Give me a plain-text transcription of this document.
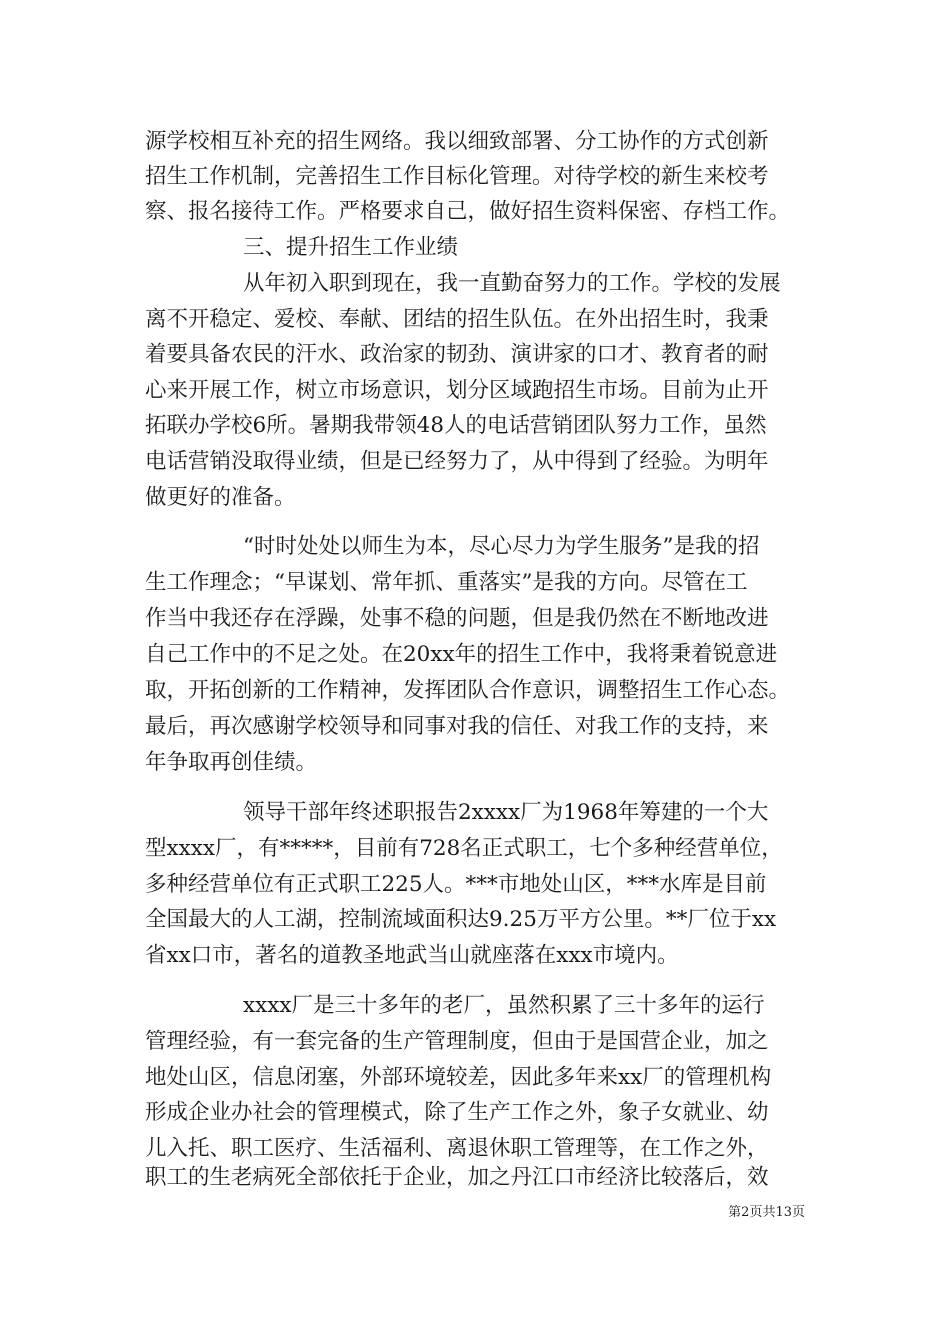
源学校相互补充的招生网络。我以细致部署、分工协作的方式创新
招生工作机制，完善招生工作目标化管理。对待学校的新生来校考
察、报名接待工作。严格要求自己，做好招生资料保密、存档工作。
三、提升招生工作业绩
从年初入职到现在，我一直勤奋努力的工作。学校的发展
离不开稳定、爱校、奉献、团结的招生队伍。在外出招生时，我秉
着要具备农民的汗水、政治家的韧劲、演讲家的口才、教育者的耐
心来开展工作，树立市场意识，划分区域跑招生市场。目前为止开
拓联办学校6所。暑期我带领48人的电话营销团队努力工作，虽然
电话营销没取得业绩，但是已经努力了，从中得到了经验。为明年
做更好的准备。
“时时处处以师生为本，尽心尽力为学生服务”是我的招
生工作理念；“早谋划、常年抓、重落实”是我的方向。尽管在工
作当中我还存在浮躁，处事不稳的问题，但是我仍然在不断地改进
自己工作中的不足之处。在20xx年的招生工作中，我将秉着锐意进
取，开拓创新的工作精神，发挥团队合作意识，调整招生工作心态。
最后，再次感谢学校领导和同事对我的信任、对我工作的支持，来
年争取再创佳绩。
领导干部年终述职报告2xxxx厂为1968年筹建的一个大
型xxxx厂，有*****，目前有728名正式职工，七个多种经营单位，
多种经营单位有正式职工225人。***市地处山区，***水库是目前
全国最大的人工湖，控制流域面积达9.25万平方公里。**厂位于xx
省xx口市，著名的道教圣地武当山就座落在xxx市境内。
xxxx厂是三十多年的老厂，虽然积累了三十多年的运行
管理经验，有一套完备的生产管理制度，但由于是国营企业，加之
地处山区，信息闭塞，外部环境较差，因此多年来xx厂的管理机构
形成企业办社会的管理模式，除了生产工作之外，象子女就业、幼
儿入托、职工医疗、生活福利、离退休职工管理等，在工作之外，
职工的生老病死全部依托于企业，加之丹江口市经济比较落后，效
第2页共13页
